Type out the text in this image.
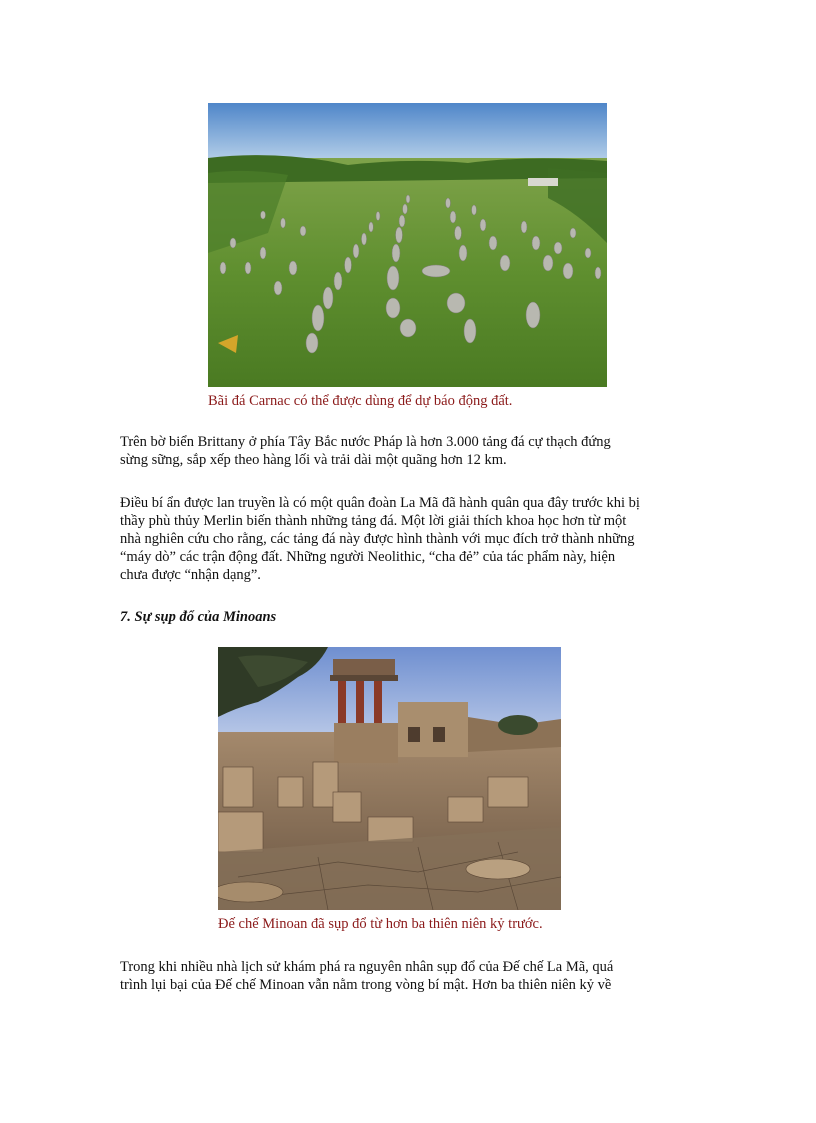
Bãi đá Carnac có thể được dùng để dự báo động đất.
Trên bờ biển Brittany ở phía Tây Bắc nước Pháp là hơn 3.000 tảng đá cự thạch đứng
sừng sững, sắp xếp theo hàng lối và trải dài một quãng hơn 12 km.
Điều bí ẩn được lan truyền là có một quân đoàn La Mã đã hành quân qua đây trước khi bị
thầy phù thủy Merlin biến thành những tảng đá. Một lời giải thích khoa học hơn từ một
nhà nghiên cứu cho rằng, các tảng đá này được hình thành với mục đích trở thành những
“máy dò” các trận động đất. Những người Neolithic, “cha đẻ” của tác phẩm này, hiện
chưa được “nhận dạng”.
7. Sự sụp đổ của Minoans
Đế chế Minoan đã sụp đổ từ hơn ba thiên niên kỷ trước.
Trong khi nhiều nhà lịch sử khám phá ra nguyên nhân sụp đổ của Đế chế La Mã, quá
trình lụi bại của Đế chế Minoan vẫn nằm trong vòng bí mật. Hơn ba thiên niên kỷ về
